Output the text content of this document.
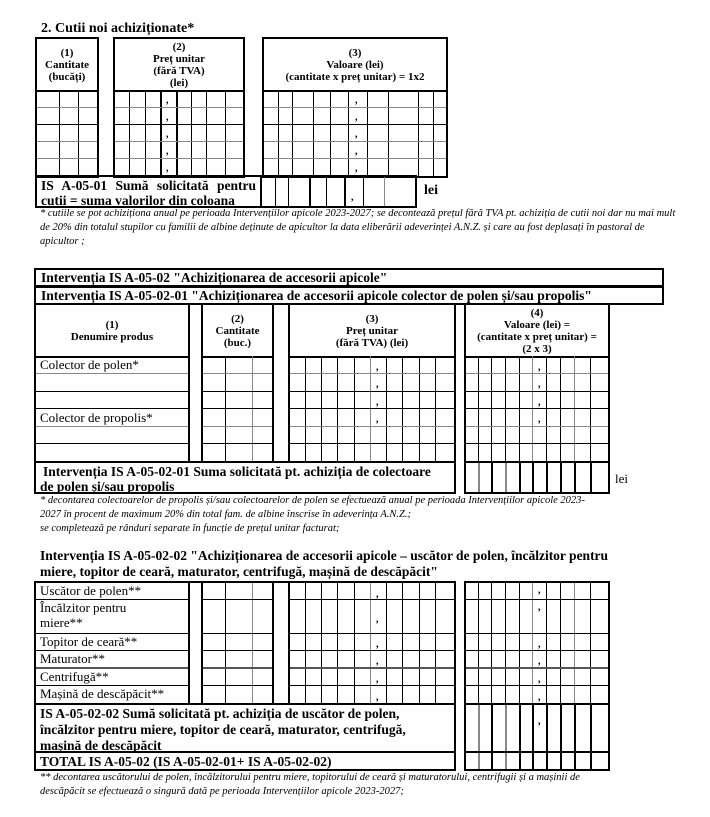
2. Cutii noi achiziționate*
(1)
Cantitate
(bucăți)
(2)
Preț unitar
(fără TVA)
(lei)
(3)
Valoare (lei)
(cantitate x preț unitar) = 1x2
,
,
,
,
,
,
,
,
,
,
IS A-05-01 Sumă solicitată pentru
cutii = suma valorilor din coloana	,	lei
* cutiile se pot achiziționa anual pe perioada Intervențiilor apicole 2023-2027; se decontează prețul fără TVA pt. achiziția de cutii noi dar nu mai mult de 20% din totalul stupilor cu familii de albine deținute de apicultor la data eliberării adeverinței A.N.Z. și care au fost deplasați în pastoral de apicultor ;
Intervenția IS A-05-02 "Achiziționarea de accesorii apicole"
Intervenția IS A-05-02-01 "Achiziționarea de accesorii apicole colector de polen și/sau propolis"
(1)
Denumire produs
(2)
Cantitate
(buc.)
(3)
Preț unitar
(fără TVA) (lei)
(4)
Valoare (lei) =
(cantitate x preț unitar) =
(2 x 3)
Colector de polen*
Colector de propolis*
,
,
,
,
,
,
,
,
Intervenția IS A-05-02-01 Suma solicitată pt. achiziția de colectoare
de polen și/sau propolis
lei
* decontarea colectoarelor de propolis și/sau colectoarelor de polen se efectuează anual pe perioada Intervențiilor apicole 2023-
2027 în procent de maximum 20% din total fam. de albine înscrise în adeverința A.N.Z.;
se completează pe rânduri separate în funcție de prețul unitar facturat;
Intervenția IS A-05-02-02 "Achiziționarea de accesorii apicole – uscător de polen, încălzitor pentru
miere, topitor de ceară, maturator, centrifugă, mașină de descăpăcit"
Uscător de polen**
Încălzitor pentru
miere**
Topitor de ceară**
Maturator**
Centrifugă**
Mașină de descăpăcit**
,
,
,
,
,
,
,
,
,
,
,
,
IS A-05-02-02 Sumă solicitată pt. achiziția de uscător de polen,
încălzitor pentru miere, topitor de ceară, maturator, centrifugă,
mașină de descăpăcit
,
TOTAL IS A-05-02 (IS A-05-02-01+ IS A-05-02-02)
** decontarea uscătorului de polen, încălzitorului pentru miere, topitorului de ceară și maturatorului, centrifugii și a mașinii de
descăpăcit se efectuează o singură dată pe perioada Intervențiilor apicole 2023-2027;
